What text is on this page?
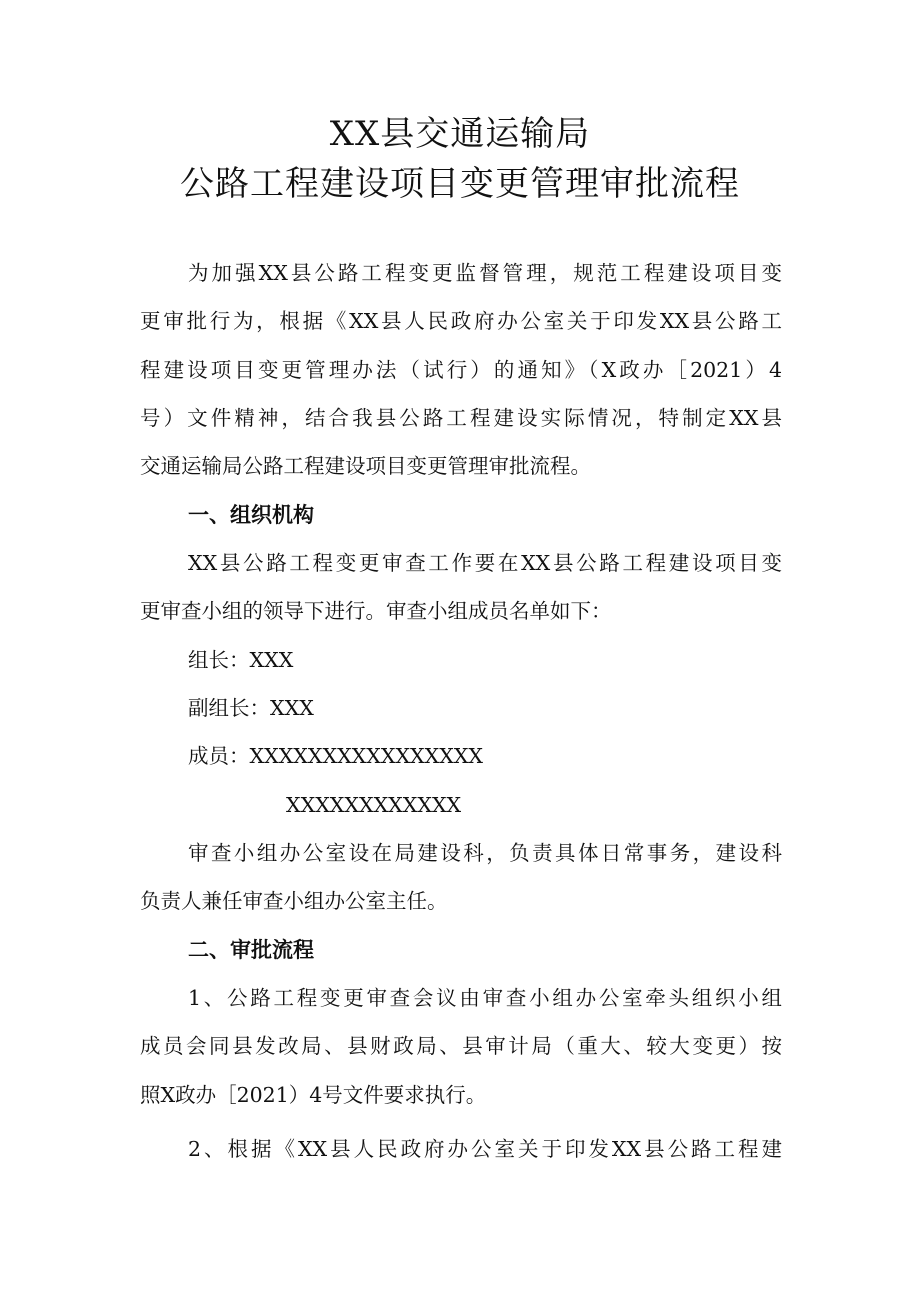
XX县交通运输局
公路工程建设项目变更管理审批流程
为加强XX县公路工程变更监督管理，规范工程建设项目变
更审批行为，根据《XX县人民政府办公室关于印发XX县公路工
程建设项目变更管理办法（试行）的通知》（X政办［2021）4
号）文件精神，结合我县公路工程建设实际情况，特制定XX县
交通运输局公路工程建设项目变更管理审批流程。
一、组织机构
XX县公路工程变更审查工作要在XX县公路工程建设项目变
更审查小组的领导下进行。审查小组成员名单如下：
组长：XXX
副组长：XXX
成员：XXXXXXXXXXXXXXXX
XXXXXXXXXXXX
审查小组办公室设在局建设科，负责具体日常事务，建设科
负责人兼任审查小组办公室主任。
二、审批流程
1、公路工程变更审查会议由审查小组办公室牵头组织小组
成员会同县发改局、县财政局、县审计局（重大、较大变更）按
照X政办［2021）4号文件要求执行。
2、根据《XX县人民政府办公室关于印发XX县公路工程建
